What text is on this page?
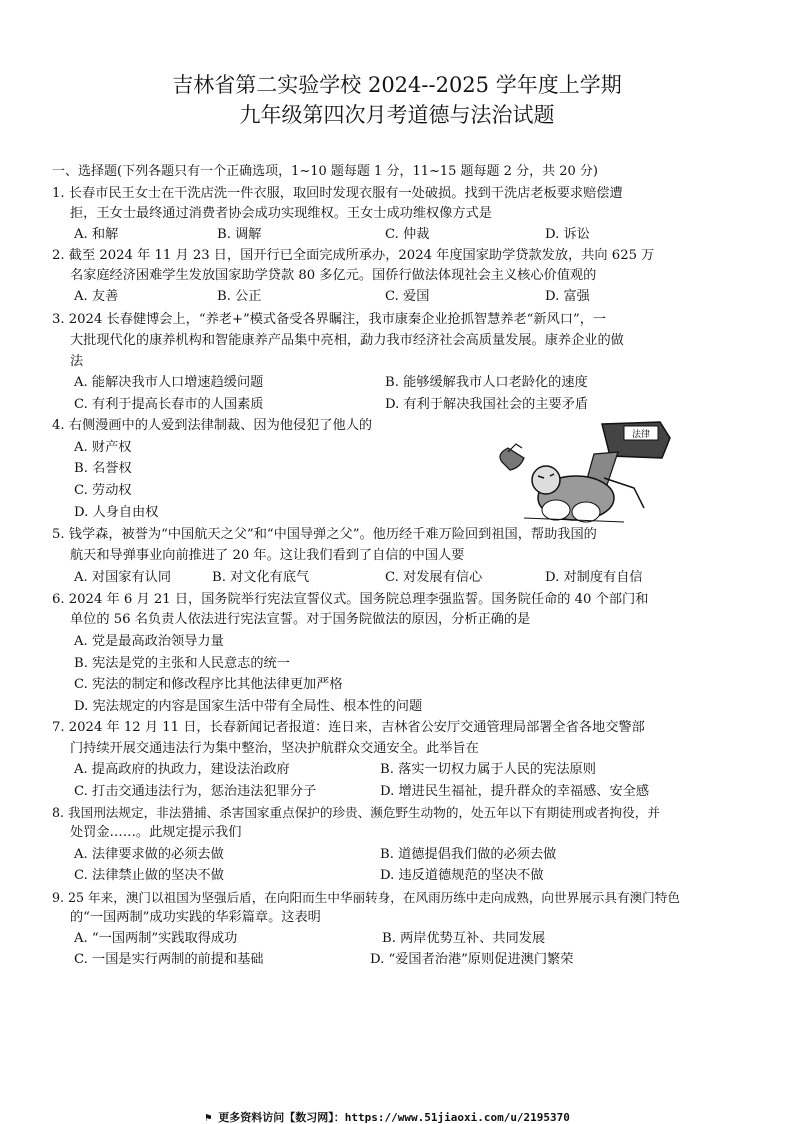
吉林省第二实验学校 2024--2025 学年度上学期
九年级第四次月考道德与法治试题
一、选择题(下列各题只有一个正确选项，1~10 题每题 1 分，11~15 题每题 2 分，共 20 分)
1. 长春市民王女士在干洗店洗一件衣服，取回时发现衣服有一处破损。找到干洗店老板要求赔偿遭
拒，王女士最终通过消费者协会成功实现维权。王女士成功维权像方式是
A. 和解	B. 调解	C. 仲裁	D. 诉讼
2. 截至 2024 年 11 月 23 日，国开行已全面完成所承办，2024 年度国家助学贷款发放，共向 625 万
名家庭经济困难学生发放国家助学贷款 80 多亿元。国侨行做法体现社会主义核心价值观的
A. 友善	B. 公正	C. 爱国	D. 富强
3. 2024 长春健博会上，“养老+”模式备受各界瞩注，我市康秦企业抢抓智慧养老“新风口”，一
大批现代化的康养机构和智能康养产品集中亮相，勐力我市经济社会高质量发展。康养企业的做
法
A. 能解决我市人口增速趋缓问题	B. 能够缓解我市人口老龄化的速度
C. 有利于提高长春市的人国素质	D. 有利于解决我国社会的主要矛盾
4. 右侧漫画中的人爱到法律制裁、因为他侵犯了他人的
A. 财产权
B. 名誉权
C. 劳动权
D. 人身自由权
法律
5. 钱学森，被誉为“中国航天之父”和“中国导弹之父”。他历经千难万险回到祖国，帮助我国的
航天和导弹事业向前推进了 20 年。这让我们看到了自信的中国人要
A. 对国家有认同	B. 对文化有底气	C. 对发展有信心	D. 对制度有自信
6. 2024 年 6 月 21 日，国务院举行宪法宣誓仪式。国务院总理李强监誓。国务院任命的 40 个部门和
单位的 56 名负责人依法进行宪法宣誓。对于国务院做法的原因，分析正确的是
A. 党是最高政治领导力量
B. 宪法是党的主张和人民意志的统一
C. 宪法的制定和修改程序比其他法律更加严格
D. 宪法规定的内容是国家生活中带有全局性、根本性的问题
7. 2024 年 12 月 11 日，长春新闻记者报道：连日来，吉林省公安厅交通管理局部署全省各地交警部
门持续开展交通违法行为集中整治，坚决护航群众交通安全。此举旨在
A. 提高政府的执政力，建设法治政府	B. 落实一切权力属于人民的宪法原则
C. 打击交通违法行为，惩治违法犯罪分子	D. 增进民生福祉，提升群众的幸福感、安全感
8. 我国刑法规定，非法猎捕、杀害国家重点保护的珍贵、濒危野生动物的，处五年以下有期徒刑或者拘役，并
处罚金……。此规定提示我们
A. 法律要求做的必须去做	B. 道德提倡我们做的必须去做
C. 法律禁止做的坚决不做	D. 违反道德规范的坚决不做
9. 25 年来，澳门以祖国为坚强后盾，在向阳而生中华丽转身，在风雨历练中走向成熟，向世界展示具有澳门特色
的“一国两制”成功实践的华彩篇章。这表明
A. “一国两制”实践取得成功	B. 两岸优势互补、共同发展
C. 一国是实行两制的前提和基础	D. “爱国者治港”原则促进澳门繁荣
⚑ 更多资料访问【数习网】：https://www.51jiaoxi.com/u/2195370
